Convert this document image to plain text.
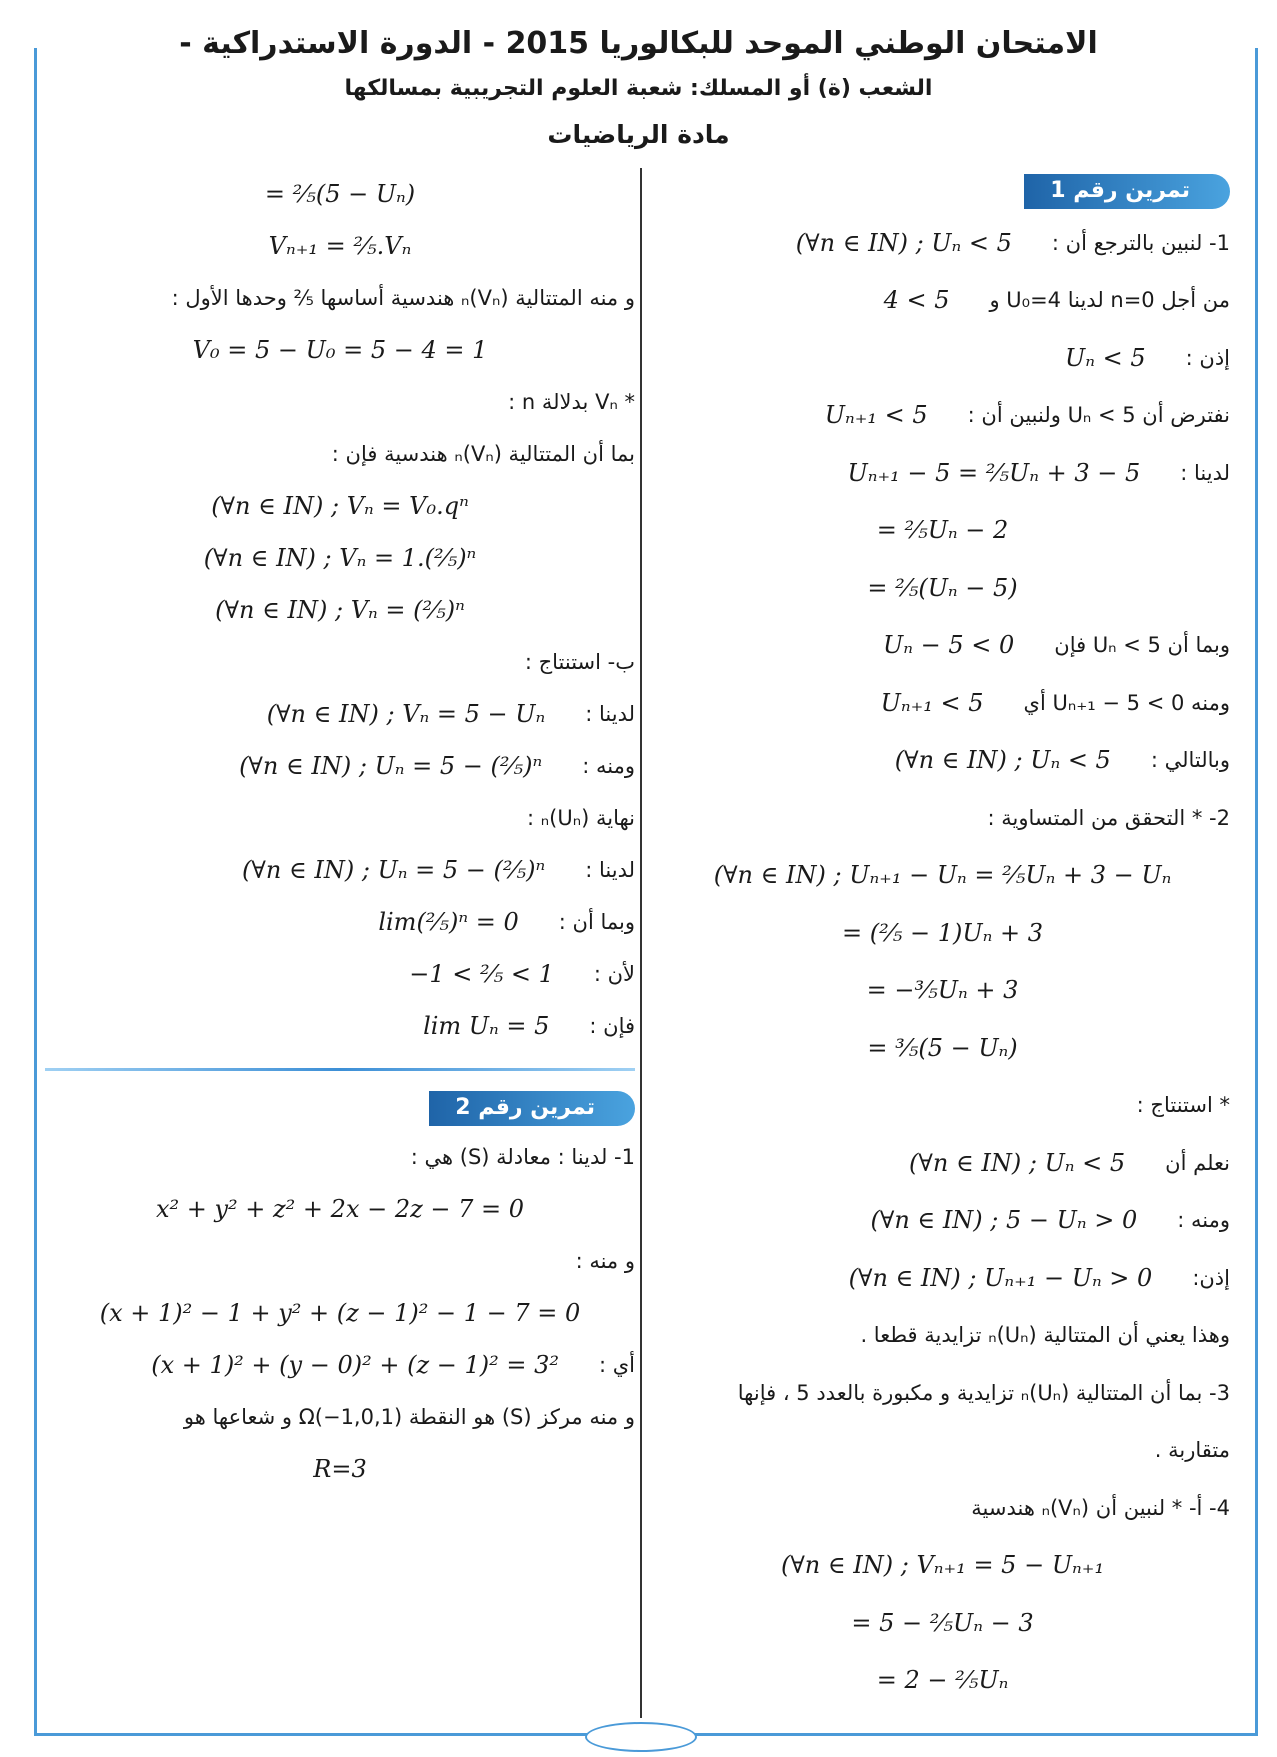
الامتحان الوطني الموحد للبكالوريا 2015 - الدورة الاستدراكية -
الشعب (ة) أو المسلك: شعبة العلوم التجريبية بمسالكها
مادة الرياضيات
تمرين رقم 1
1- لنبين بالترجع أن :
(∀n ∈ IN) ; Uₙ < 5
من أجل n=0 لدينا U₀=4 و
4 < 5
إذن :
Uₙ < 5
نفترض أن Uₙ < 5 ولنبين أن :
Uₙ₊₁ < 5
لدينا :
Uₙ₊₁ − 5 = ²⁄₅Uₙ + 3 − 5
= ²⁄₅Uₙ − 2
= ²⁄₅(Uₙ − 5)
وبما أن Uₙ < 5 فإن
Uₙ − 5 < 0
ومنه Uₙ₊₁ − 5 < 0 أي
Uₙ₊₁ < 5
وبالتالي :
(∀n ∈ IN) ; Uₙ < 5
2- * التحقق من المتساوية :
(∀n ∈ IN) ; Uₙ₊₁ − Uₙ = ²⁄₅Uₙ + 3 − Uₙ
= (²⁄₅ − 1)Uₙ + 3
= −³⁄₅Uₙ + 3
= ³⁄₅(5 − Uₙ)
* استنتاج :
نعلم أن
(∀n ∈ IN) ; Uₙ < 5
ومنه :
(∀n ∈ IN) ; 5 − Uₙ > 0
إذن:
(∀n ∈ IN) ; Uₙ₊₁ − Uₙ > 0
وهذا يعني أن المتتالية (Uₙ)ₙ تزايدية قطعا .
3- بما أن المتتالية (Uₙ)ₙ تزايدية و مكبورة بالعدد 5 ، فإنها
متقاربة .
4- أ- * لنبين أن (Vₙ)ₙ هندسية
(∀n ∈ IN) ; Vₙ₊₁ = 5 − Uₙ₊₁
= 5 − ²⁄₅Uₙ − 3
= 2 − ²⁄₅Uₙ
= ²⁄₅(5 − Uₙ)
Vₙ₊₁ = ²⁄₅.Vₙ
و منه المتتالية (Vₙ)ₙ هندسية أساسها ²⁄₅ وحدها الأول :
V₀ = 5 − U₀ = 5 − 4 = 1
* Vₙ بدلالة n :
بما أن المتتالية (Vₙ)ₙ هندسية فإن :
(∀n ∈ IN) ; Vₙ = V₀.qⁿ
(∀n ∈ IN) ; Vₙ = 1.(²⁄₅)ⁿ
(∀n ∈ IN) ; Vₙ = (²⁄₅)ⁿ
ب- استنتاج :
لدينا :
(∀n ∈ IN) ; Vₙ = 5 − Uₙ
ومنه :
(∀n ∈ IN) ; Uₙ = 5 − (²⁄₅)ⁿ
نهاية (Uₙ)ₙ :
لدينا :
(∀n ∈ IN) ; Uₙ = 5 − (²⁄₅)ⁿ
وبما أن :
lim(²⁄₅)ⁿ = 0
لأن :
−1 < ²⁄₅ < 1
فإن :
lim Uₙ = 5
تمرين رقم 2
1- لدينا : معادلة (S) هي :
x² + y² + z² + 2x − 2z − 7 = 0
و منه :
(x + 1)² − 1 + y² + (z − 1)² − 1 − 7 = 0
أي :
(x + 1)² + (y − 0)² + (z − 1)² = 3²
و منه مركز (S) هو النقطة Ω(−1,0,1) و شعاعها هو
R=3
